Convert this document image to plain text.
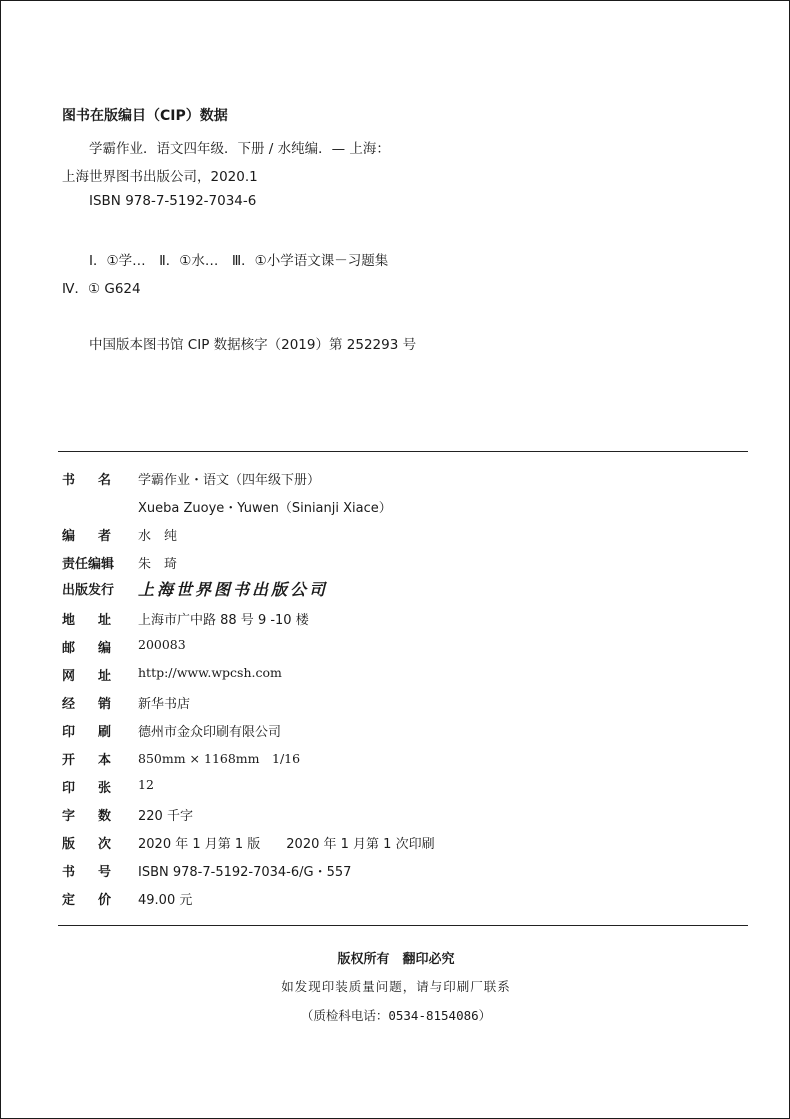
图书在版编目（CIP）数据
学霸作业．语文四年级．下册 / 水纯编．— 上海：
上海世界图书出版公司，2020.1
ISBN 978-7-5192-7034-6
Ⅰ．①学…　Ⅱ．①水…　Ⅲ．①小学语文课－习题集
Ⅳ．① G624
中国版本图书馆 CIP 数据核字（2019）第 252293 号
书　名 学霸作业・语文（四年级下册）
Xueba Zuoye・Yuwen（Sinianji Xiace）
编　者 水　纯
责任编辑 朱　琦
出版发行 上海世界图书出版公司
地　址 上海市广中路 88 号 9 -10 楼
邮　编 200083
网　址 http://www.wpcsh.com
经　销 新华书店
印　刷 德州市金众印刷有限公司
开　本 850mm × 1168mm　1/16
印　张 12
字　数 220 千字
版　次 2020 年 1 月第 1 版　　2020 年 1 月第 1 次印刷
书　号 ISBN 978-7-5192-7034-6/G・557
定　价 49.00 元
版权所有　翻印必究
如发现印装质量问题，请与印刷厂联系
（质检科电话：0534-8154086）
